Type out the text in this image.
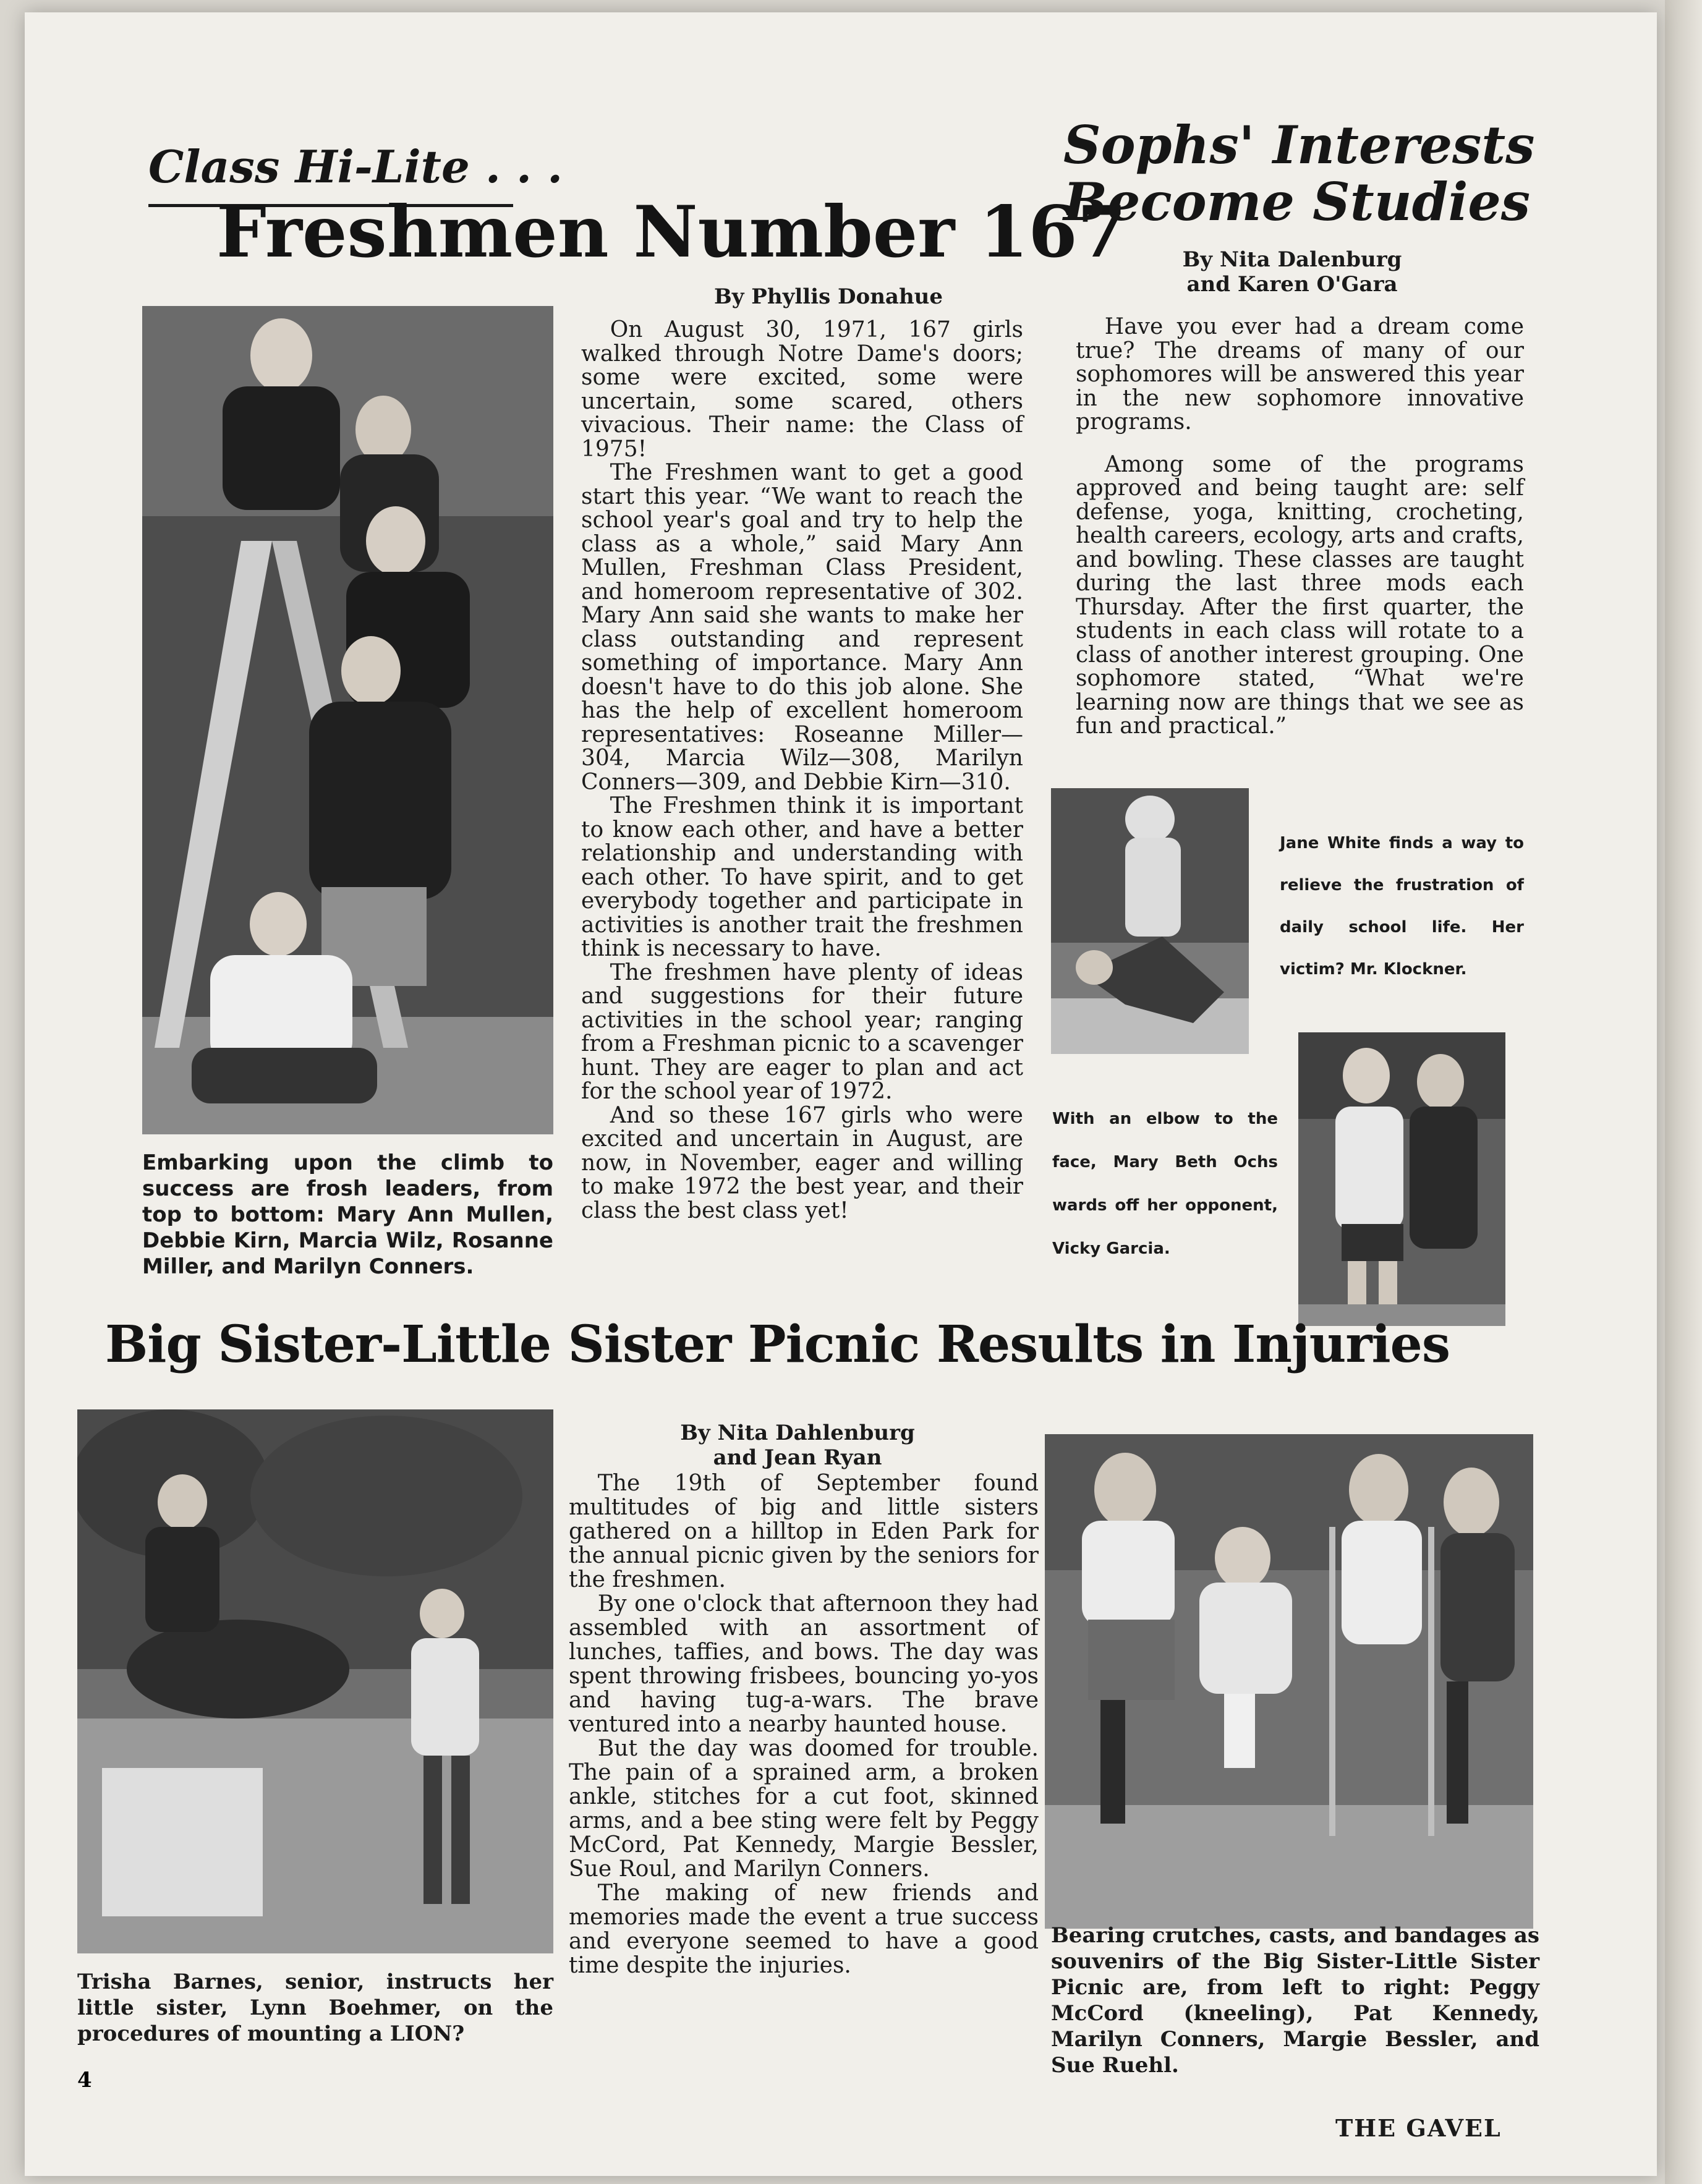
Class Hi-Lite . . .
Freshmen Number 167
By Phyllis Donahue
Embarking upon the climb to success are frosh leaders, from top to bottom: Mary Ann Mullen, Debbie Kirn, Marcia Wilz, Rosanne Miller, and Marilyn Conners.

On August 30, 1971, 167 girls walked through Notre Dame's doors; some were excited, some were uncertain, some scared, others vivacious. Their name: the Class of 1975!

The Freshmen want to get a good start this year. “We want to reach the school year's goal and try to help the class as a whole,” said Mary Ann Mullen, Freshman Class President, and homeroom representative of 302. Mary Ann said she wants to make her class outstanding and represent something of importance. Mary Ann doesn't have to do this job alone. She has the help of excellent homeroom representatives: Roseanne Miller—304, Marcia Wilz—308, Marilyn Conners—309, and Debbie Kirn—310.

The Freshmen think it is important to know each other, and have a better relationship and understanding with each other. To have spirit, and to get everybody together and participate in activities is another trait the freshmen think is necessary to have.

The freshmen have plenty of ideas and suggestions for their future activities in the school year; ranging from a Freshman picnic to a scavenger hunt. They are eager to plan and act for the school year of 1972.

And so these 167 girls who were excited and uncertain in August, are now, in November, eager and willing to make 1972 the best year, and their class the best class yet!

Sophs' Interests
Become Studies
By Nita Dalenburg
and Karen O'Gara

Have you ever had a dream come true? The dreams of many of our sophomores will be answered this year in the new sophomore innovative programs.

Among some of the programs approved and being taught are: self defense, yoga, knitting, crocheting, health careers, ecology, arts and crafts, and bowling. These classes are taught during the last three mods each Thursday. After the first quarter, the students in each class will rotate to a class of another interest grouping. One sophomore stated, “What we're learning now are things that we see as fun and practical.”

Jane White finds a way to relieve the frustration of daily school life. Her victim? Mr. Klockner.
With an elbow to the face, Mary Beth Ochs wards off her opponent, Vicky Garcia.
Big Sister-Little Sister Picnic Results in Injuries
Trisha Barnes, senior, instructs her little sister, Lynn Boehmer, on the procedures of mounting a LION?
By Nita Dahlenburg
and Jean Ryan

The 19th of September found multitudes of big and little sisters gathered on a hilltop in Eden Park for the annual picnic given by the seniors for the freshmen.

By one o'clock that afternoon they had assembled with an assortment of lunches, taffies, and bows. The day was spent throwing frisbees, bouncing yo-yos and having tug-a-wars. The brave ventured into a nearby haunted house.

But the day was doomed for trouble. The pain of a sprained arm, a broken ankle, stitches for a cut foot, skinned arms, and a bee sting were felt by Peggy McCord, Pat Kennedy, Margie Bessler, Sue Roul, and Marilyn Conners.

The making of new friends and memories made the event a true success and everyone seemed to have a good time despite the injuries.

Bearing crutches, casts, and bandages as souvenirs of the Big Sister-Little Sister Picnic are, from left to right: Peggy McCord (kneeling), Pat Kennedy, Marilyn Conners, Margie Bessler, and Sue Ruehl.
4
THE GAVEL
